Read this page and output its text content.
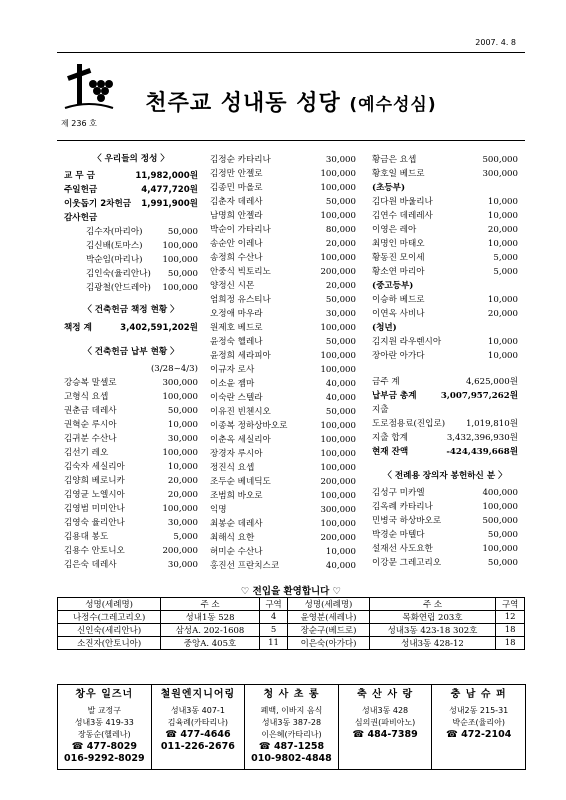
2007. 4. 8
제 236 호
천주교 성내동 성당 (예수성심)
〈 우리들의 정성 〉
교 무 금	11,982,000원
주일헌금	4,477,720원
이웃돕기 2차헌금 1,991,900원
감사헌금
김수자(마리아)	50,000
김신배(토마스) 100,000
박순임(마리나) 100,000
김인숙(율리안나) 50,000
김광철(안드레아) 100,000
〈 건축헌금 책정 현황 〉
책정 계	3,402,591,202원
〈 건축헌금 납부 현황 〉
(3/28~4/3)
강승복 말셀로	300,000
고형식 요셉	100,000
권춘금 데레사	50,000
권혁순 루시아	10,000
김귀분 수산나	30,000
김선기 레오	100,000
김숙자 세실리아	10,000
김양희 베로니카	20,000
김영균 노엘시아	20,000
김영범 미미안나	100,000
김영숙 율리안나	30,000
김용대 봉도	5,000
김용수 안토니오	200,000
김은숙 데레사	30,000
김정순 카타리나	30,000
김정만 안젤로	100,000
김종민 마올로	100,000
김춘자 데레사	50,000
남명희 안젤라	100,000
박순이 가타리나	80,000
송순안 이레나	20,000
송정희 수산나	100,000
안중식 빅토리노	200,000
양정신 시몬	20,000
엄희정 유스티나	50,000
오정애 마우라	30,000
원제호 베드로	100,000
윤정숙 헬레나	50,000
윤정희 세라피아	100,000
이규자 로사	100,000
이소윤 젬마	40,000
이숙란 스텔라	40,000
이유진 빈첸시오	50,000
이종복 정하상바오로	100,000
이춘옥 세실리아	100,000
장경자 루시아	100,000
정진식 요셉	100,000
조두순 베네딕도	200,000
조범희 바오로	100,000
익명	300,000
최봉순 데레사	100,000
최해식 요한	200,000
허미순 수산나	10,000
홍진선 프란치스코	40,000
황금은 요셉	500,000
황호일 베드로	300,000
(초등부)
김다원 바울리나	10,000
김연수 데레레사	10,000
이영은 레아	20,000
최명인 마태오	10,000
황동진 모이세	5,000
황소연 마리아	5,000
(중고등부)
이승하 베드로	10,000
이연옥 사비나	20,000
(청년)
김지원 라우렌시아	10,000
장아란 아가다	10,000
금주 계	4,625,000원
납부금 총계	3,007,957,262원
지출
도로점용료(진입로) 1,019,810원
지출 합계	3,432,396,930원
현재 잔액	-424,439,668원
〈 전례용 장의자 봉헌하신 분 〉
김성구 미카엘	400,000
김옥례 카타리나	100,000
민병국 하상바오로	500,000
박경순 마텔다	50,000
설재선 사도요한	100,000
이강문 그레고리오	50,000
♡ 전입을 환영합니다 ♡
성명(세례명)	주 소	구역	성명(세례명)	주 소	구역
나정수(그레고리오)	성내1동 528	4	윤영분(세레나)	목화연립 203호	12
신인숙(세리안나)	삼성A. 202-1608	5	장순구(베드로)	성내3동 423-18 302호	18
소진자(안토니아)	중앙A. 405호	11	이은숙(아가다)	성내3동 428-12	18
창우 일즈너
발 교정구
성내3동 419-33
장동순(헬레나)
☎ 477-8029
016-9292-8029
철원엔지니어링
성내3동 407-1
김육례(카타리나)
☎ 477-4646
011-226-2676
청 사 초 롱
폐백, 이바지 음식
성내3동 387-28
이은혜(카타리나)
☎ 487-1258
010-9802-4848
축 산 사 랑
성내3동 428
심의권(파비아노)
☎ 484-7389
충 남 슈 퍼
성내2동 215-31
박순조(율리아)
☎ 472-2104
